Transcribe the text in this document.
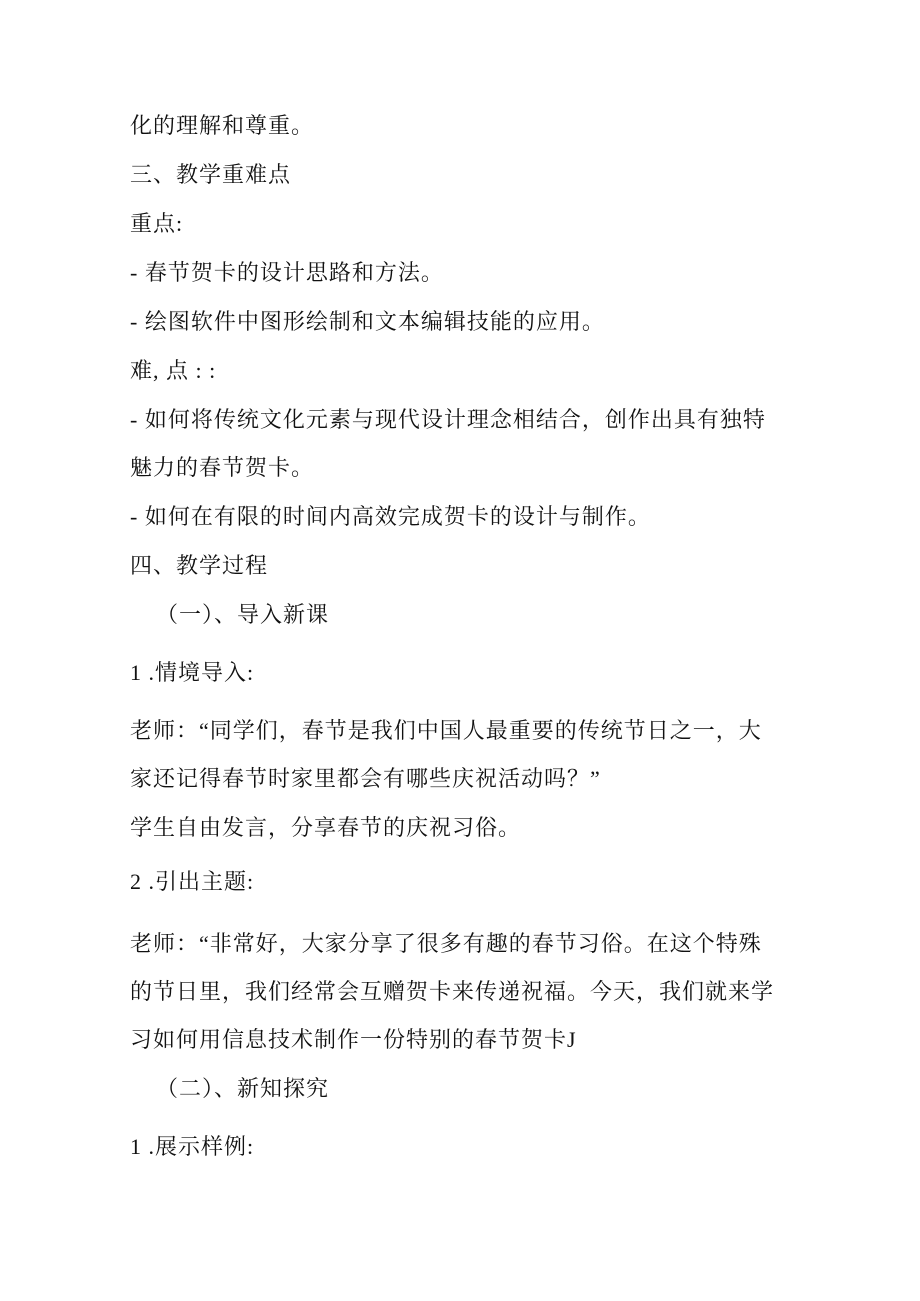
化的理解和尊重。

三、教学重难点

重点:

- 春节贺卡的设计思路和方法。

- 绘图软件中图形绘制和文本编辑技能的应用。

难, 点 : :

- 如何将传统文化元素与现代设计理念相结合，创作出具有独特
魅力的春节贺卡。

- 如何在有限的时间内高效完成贺卡的设计与制作。

四、教学过程

（一）、导入新课

1 .情境导入:

老师：“同学们，春节是我们中国人最重要的传统节日之一，大
家还记得春节时家里都会有哪些庆祝活动吗？”

学生自由发言，分享春节的庆祝习俗。

2 .引出主题:

老师：“非常好，大家分享了很多有趣的春节习俗。在这个特殊
的节日里，我们经常会互赠贺卡来传递祝福。今天，我们就来学
习如何用信息技术制作一份特别的春节贺卡J

（二）、新知探究

1 .展示样例:
